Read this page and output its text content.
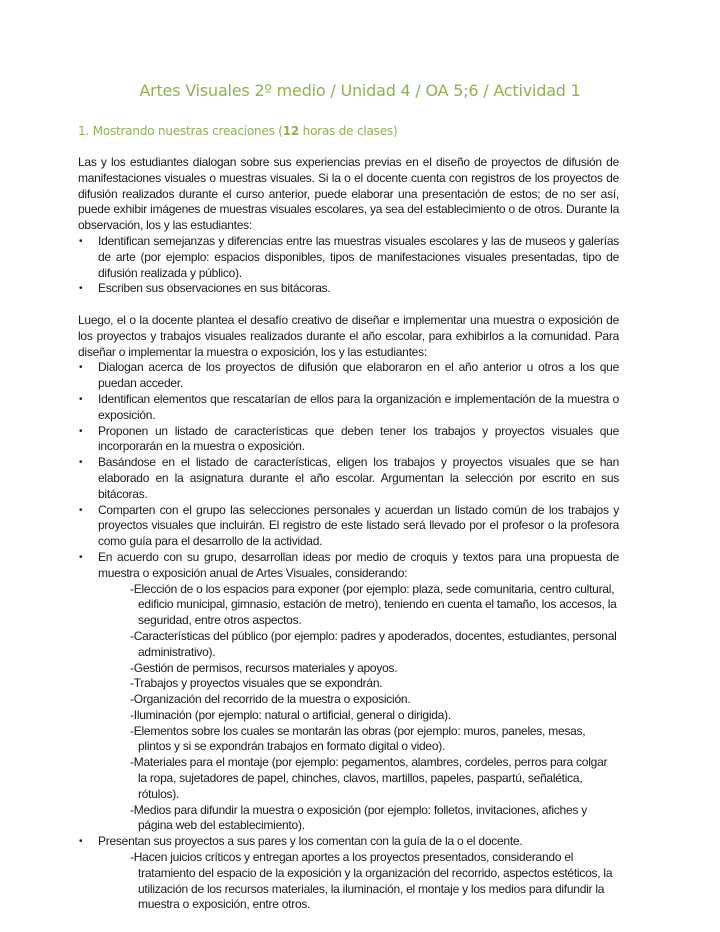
Artes Visuales 2º medio / Unidad 4 / OA 5;6 / Actividad 1
1. Mostrando nuestras creaciones (12 horas de clases)

Las y los estudiantes dialogan sobre sus experiencias previas en el diseño de proyectos de difusión de manifestaciones visuales o muestras visuales. Si la o el docente cuenta con registros de los proyectos de difusión realizados durante el curso anterior, puede elaborar una presentación de estos; de no ser así, puede exhibir imágenes de muestras visuales escolares, ya sea del establecimiento o de otros. Durante la observación, los y las estudiantes:

• Identifican semejanzas y diferencias entre las muestras visuales escolares y las de museos y galerías de arte (por ejemplo: espacios disponibles, tipos de manifestaciones visuales presentadas, tipo de difusión realizada y público).
• Escriben sus observaciones en sus bitácoras.

Luego, el o la docente plantea el desafío creativo de diseñar e implementar una muestra o exposición de los proyectos y trabajos visuales realizados durante el año escolar, para exhibirlos a la comunidad. Para diseñar o implementar la muestra o exposición, los y las estudiantes:

• Dialogan acerca de los proyectos de difusión que elaboraron en el año anterior u otros a los que puedan acceder.
• Identifican elementos que rescatarían de ellos para la organización e implementación de la muestra o exposición.
• Proponen un listado de características que deben tener los trabajos y proyectos visuales que incorporarán en la muestra o exposición.
• Basándose en el listado de características, eligen los trabajos y proyectos visuales que se han elaborado en la asignatura durante el año escolar. Argumentan la selección por escrito en sus bitácoras.
• Comparten con el grupo las selecciones personales y acuerdan un listado común de los trabajos y proyectos visuales que incluirán. El registro de este listado será llevado por el profesor o la profesora como guía para el desarrollo de la actividad.
• En acuerdo con su grupo, desarrollan ideas por medio de croquis y textos para una propuesta de muestra o exposición anual de Artes Visuales, considerando:
-Elección de o los espacios para exponer (por ejemplo: plaza, sede comunitaria, centro cultural, edificio municipal, gimnasio, estación de metro), teniendo en cuenta el tamaño, los accesos, la seguridad, entre otros aspectos.
-Características del público (por ejemplo: padres y apoderados, docentes, estudiantes, personal administrativo).
-Gestión de permisos, recursos materiales y apoyos.
-Trabajos y proyectos visuales que se expondrán.
-Organización del recorrido de la muestra o exposición.
-Iluminación (por ejemplo: natural o artificial, general o dirigida).
-Elementos sobre los cuales se montarán las obras (por ejemplo: muros, paneles, mesas, plintos y si se expondrán trabajos en formato digital o video).
-Materiales para el montaje (por ejemplo: pegamentos, alambres, cordeles, perros para colgar la ropa, sujetadores de papel, chinches, clavos, martillos, papeles, paspartú, señalética, rótulos).
-Medios para difundir la muestra o exposición (por ejemplo: folletos, invitaciones, afiches y página web del establecimiento).
• Presentan sus proyectos a sus pares y los comentan con la guía de la o el docente.
-Hacen juicios críticos y entregan aportes a los proyectos presentados, considerando el tratamiento del espacio de la exposición y la organización del recorrido, aspectos estéticos, la utilización de los recursos materiales, la iluminación, el montaje y los medios para difundir la muestra o exposición, entre otros.
